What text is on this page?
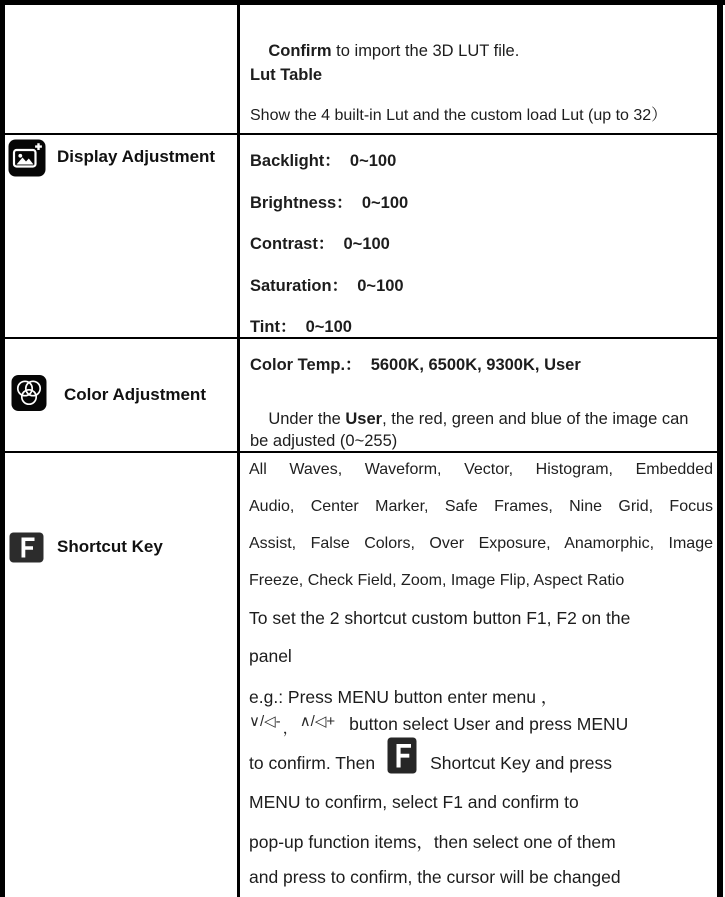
Confirm to import the 3D LUT file.

Lut Table
Show the 4 built-in Lut and the custom load Lut (up to 32）
Display Adjustment Backlight：  0~100
Brightness：  0~100
Contrast：  0~100
Saturation：  0~100
Tint：  0~100
Color Adjustment
Color Temp.：  5600K, 6500K, 9300K, User

Under the User, the red, green and blue of the image can

be adjusted (0~255)
Shortcut Key
All Waves, Waveform, Vector, Histogram, Embedded
Audio, Center Marker, Safe Frames, Nine Grid, Focus
Assist, False Colors, Over Exposure, Anamorphic, Image
Freeze, Check Field, Zoom, Image Flip, Aspect Ratio
To set the 2 shortcut custom button F1, F2 on the
panel
e.g.: Press MENU button enter menu ，
∨/◁- ， ∧/◁+ button select User and press MENU
to confirm. Then	Shortcut Key and press
MENU to confirm, select F1 and confirm to
pop-up function items，then select one of them
and press to confirm, the cursor will be changed
